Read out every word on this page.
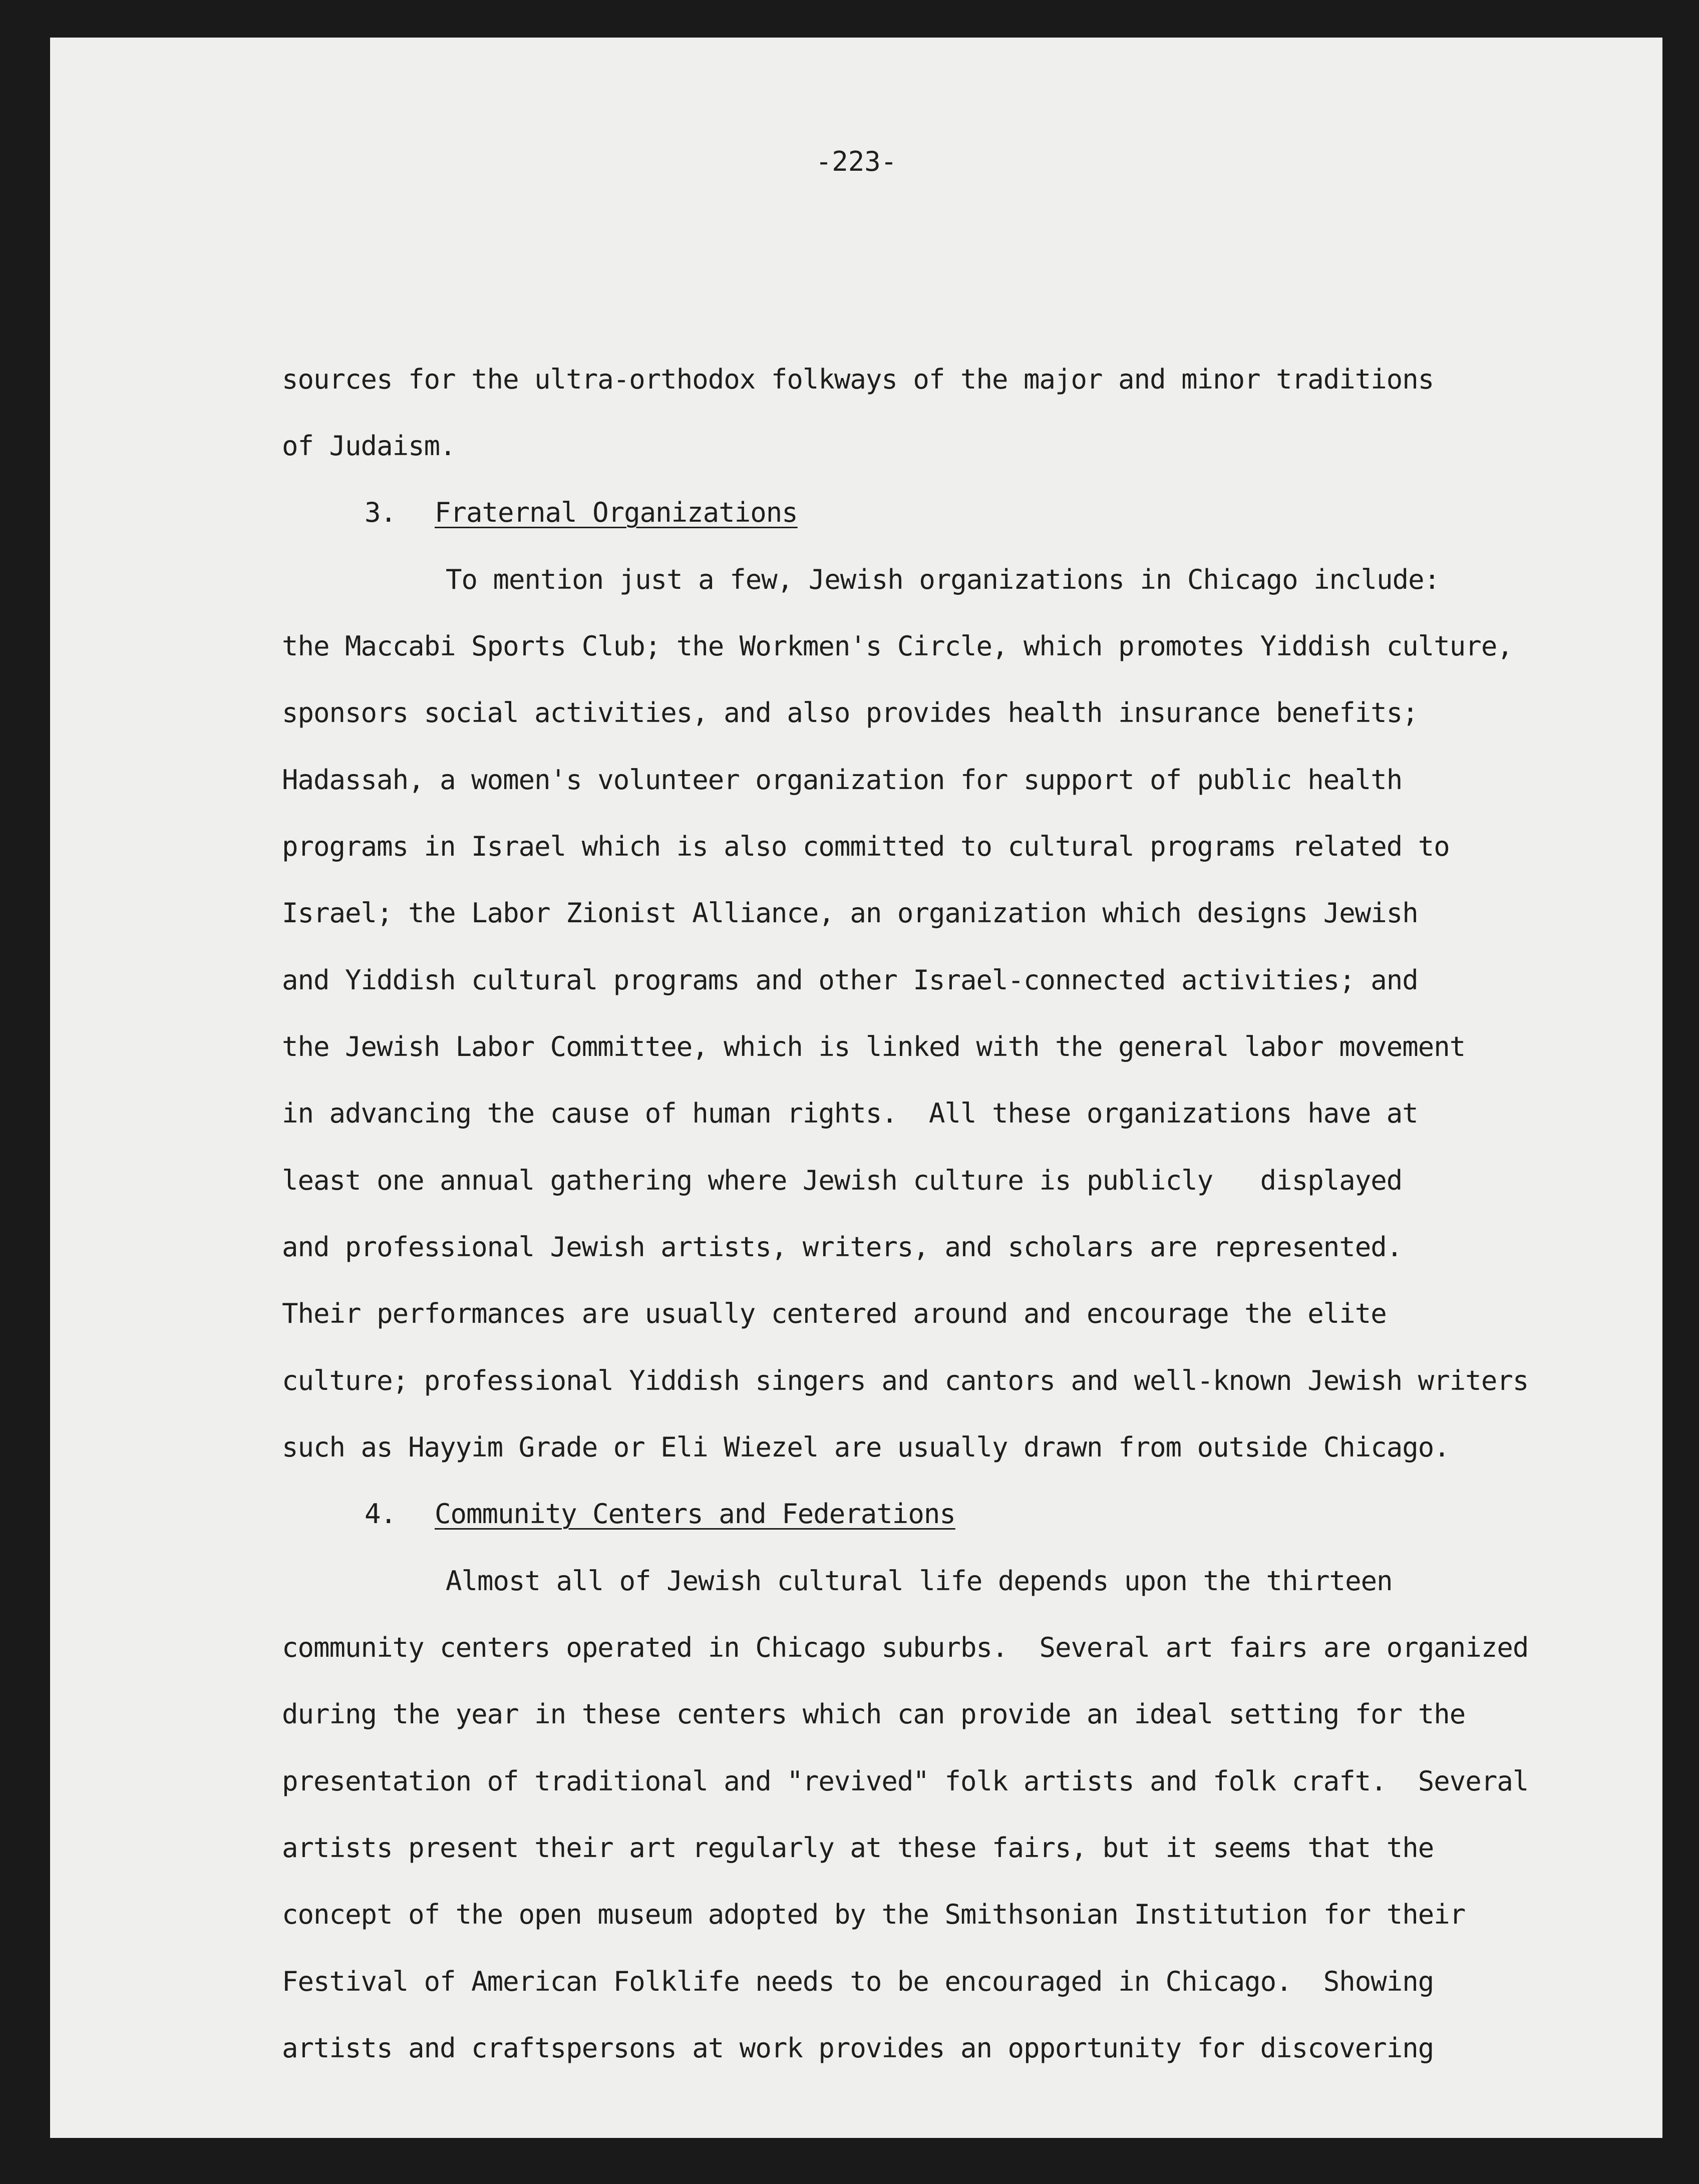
-223-
sources for the ultra-orthodox folkways of the major and minor traditions
of Judaism.
3. Fraternal Organizations
To mention just a few, Jewish organizations in Chicago include:
the Maccabi Sports Club; the Workmen's Circle, which promotes Yiddish culture,
sponsors social activities, and also provides health insurance benefits;
Hadassah, a women's volunteer organization for support of public health
programs in Israel which is also committed to cultural programs related to
Israel; the Labor Zionist Alliance, an organization which designs Jewish
and Yiddish cultural programs and other Israel-connected activities; and
the Jewish Labor Committee, which is linked with the general labor movement
in advancing the cause of human rights.  All these organizations have at
least one annual gathering where Jewish culture is publicly   displayed
and professional Jewish artists, writers, and scholars are represented.
Their performances are usually centered around and encourage the elite
culture; professional Yiddish singers and cantors and well-known Jewish writers
such as Hayyim Grade or Eli Wiezel are usually drawn from outside Chicago.
4. Community Centers and Federations
Almost all of Jewish cultural life depends upon the thirteen
community centers operated in Chicago suburbs.  Several art fairs are organized
during the year in these centers which can provide an ideal setting for the
presentation of traditional and "revived" folk artists and folk craft.  Several
artists present their art regularly at these fairs, but it seems that the
concept of the open museum adopted by the Smithsonian Institution for their
Festival of American Folklife needs to be encouraged in Chicago.  Showing
artists and craftspersons at work provides an opportunity for discovering
